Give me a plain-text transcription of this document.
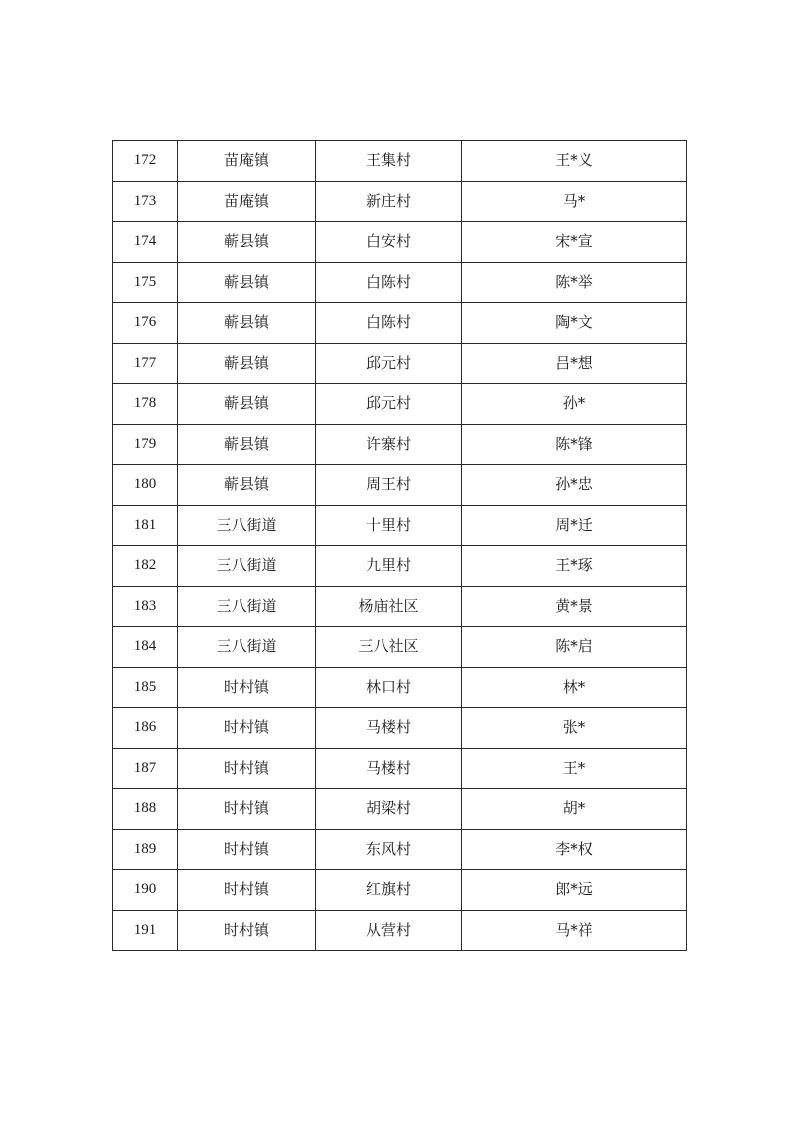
172	苗庵镇	王集村	王*义
173	苗庵镇	新庄村	马*
174	蕲县镇	白安村	宋*宣
175	蕲县镇	白陈村	陈*举
176	蕲县镇	白陈村	陶*文
177	蕲县镇	邱元村	吕*想
178	蕲县镇	邱元村	孙*
179	蕲县镇	许寨村	陈*锋
180	蕲县镇	周王村	孙*忠
181	三八街道	十里村	周*迁
182	三八街道	九里村	王*琢
183	三八街道	杨庙社区	黄*景
184	三八街道	三八社区	陈*启
185	时村镇	林口村	林*
186	时村镇	马楼村	张*
187	时村镇	马楼村	王*
188	时村镇	胡梁村	胡*
189	时村镇	东风村	李*权
190	时村镇	红旗村	郎*远
191	时村镇	从营村	马*祥
